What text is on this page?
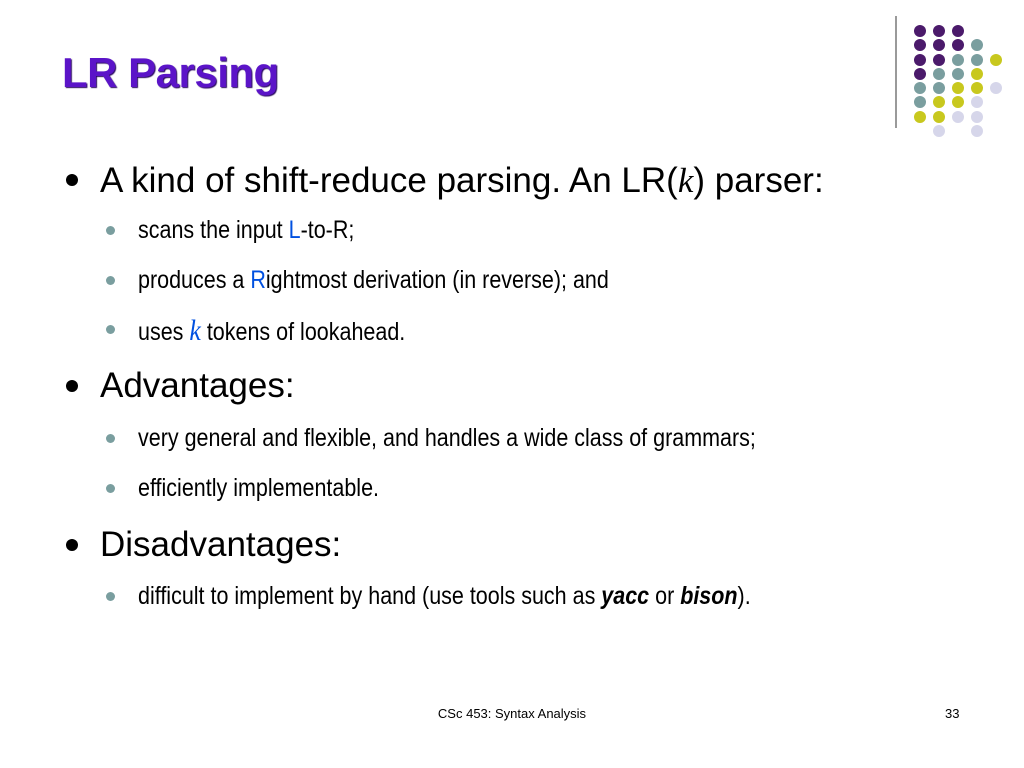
LR Parsing
A kind of shift-reduce parsing. An LR(k) parser:
scans the input L-to-R;
produces a Rightmost derivation (in reverse); and
uses k tokens of lookahead.
Advantages:
very general and flexible, and handles a wide class of grammars;
efficiently implementable.
Disadvantages:
difficult to implement by hand (use tools such as yacc or bison).
CSc 453: Syntax Analysis	33
